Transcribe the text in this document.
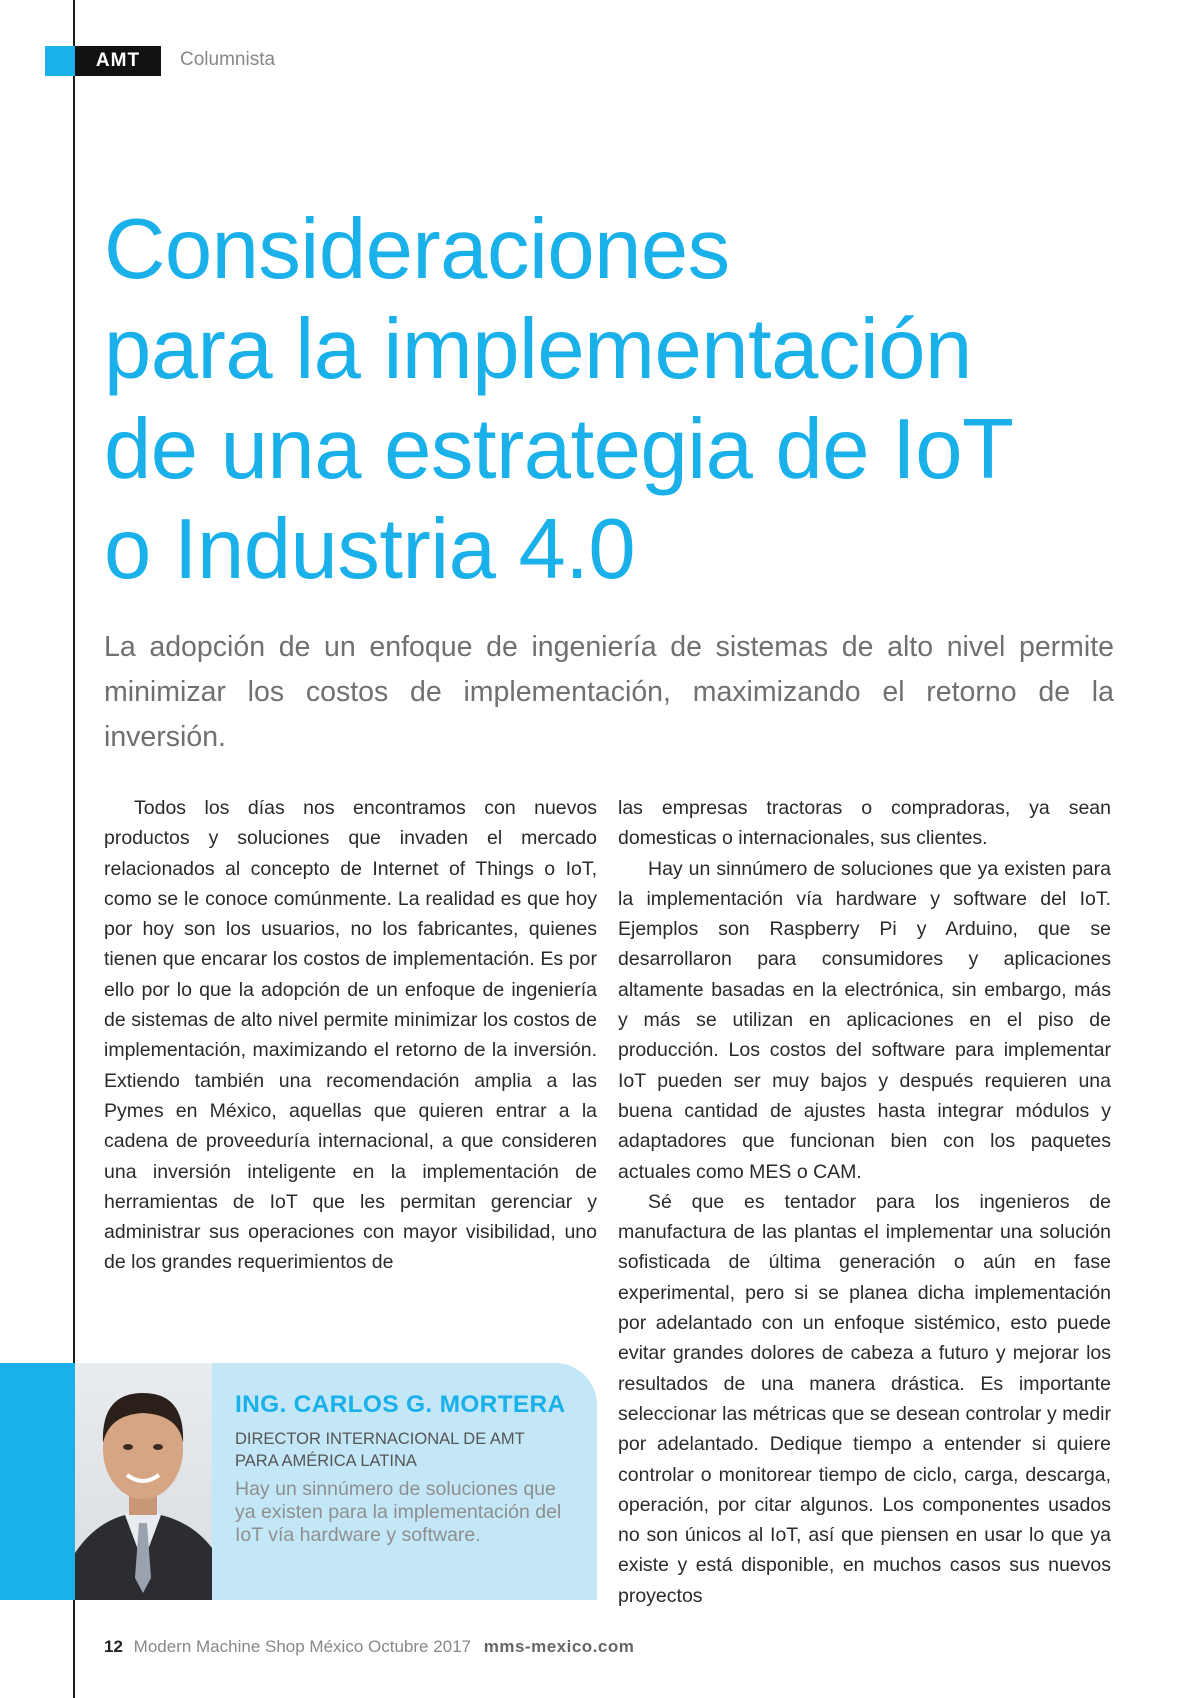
AMT	Columnista
Consideraciones
para la implementación
de una estrategia de IoT
o Industria 4.0

La adopción de un enfoque de ingeniería de sistemas de alto nivel permite minimizar los costos de implementación, maximizando el retorno de la inversión.

Todos los días nos encontramos con nuevos productos y soluciones que invaden el mercado relacionados al concepto de Internet of Things o IoT, como se le conoce comúnmente. La realidad es que hoy por hoy son los usuarios, no los fabricantes, quienes tienen que encarar los costos de implementación. Es por ello por lo que la adopción de un enfoque de ingeniería de sistemas de alto nivel permite minimizar los costos de implementación, maximizando el retorno de la inversión. Extiendo también una recomendación amplia a las Pymes en México, aquellas que quieren entrar a la cadena de proveeduría internacional, a que consideren una inversión inteligente en la implementación de herramientas de IoT que les permitan gerenciar y administrar sus operaciones con mayor visibilidad, uno de los grandes requerimientos de

las empresas tractoras o compradoras, ya sean domesticas o internacionales, sus clientes.

Hay un sinnúmero de soluciones que ya existen para la implementación vía hardware y software del IoT. Ejemplos son Raspberry Pi y Arduino, que se desarrollaron para consumidores y aplicaciones altamente basadas en la electrónica, sin embargo, más y más se utilizan en aplicaciones en el piso de producción. Los costos del software para implementar IoT pueden ser muy bajos y después requieren una buena cantidad de ajustes hasta integrar módulos y adaptadores que funcionan bien con los paquetes actuales como MES o CAM.

Sé que es tentador para los ingenieros de manufactura de las plantas el implementar una solución sofisticada de última generación o aún en fase experimental, pero si se planea dicha implementación por adelantado con un enfoque sistémico, esto puede evitar grandes dolores de cabeza a futuro y mejorar los resultados de una manera drástica. Es importante seleccionar las métricas que se desean controlar y medir por adelantado. Dedique tiempo a entender si quiere controlar o monitorear tiempo de ciclo, carga, descarga, operación, por citar algunos. Los componentes usados no son únicos al IoT, así que piensen en usar lo que ya existe y está disponible, en muchos casos sus nuevos proyectos

ING. CARLOS G. MORTERA
DIRECTOR INTERNACIONAL DE AMT
PARA AMÉRICA LATINA

Hay un sinnúmero de soluciones que ya existen para la implementación del IoT vía hardware y software.

12 Modern Machine Shop México Octubre 2017 mms-mexico.com
